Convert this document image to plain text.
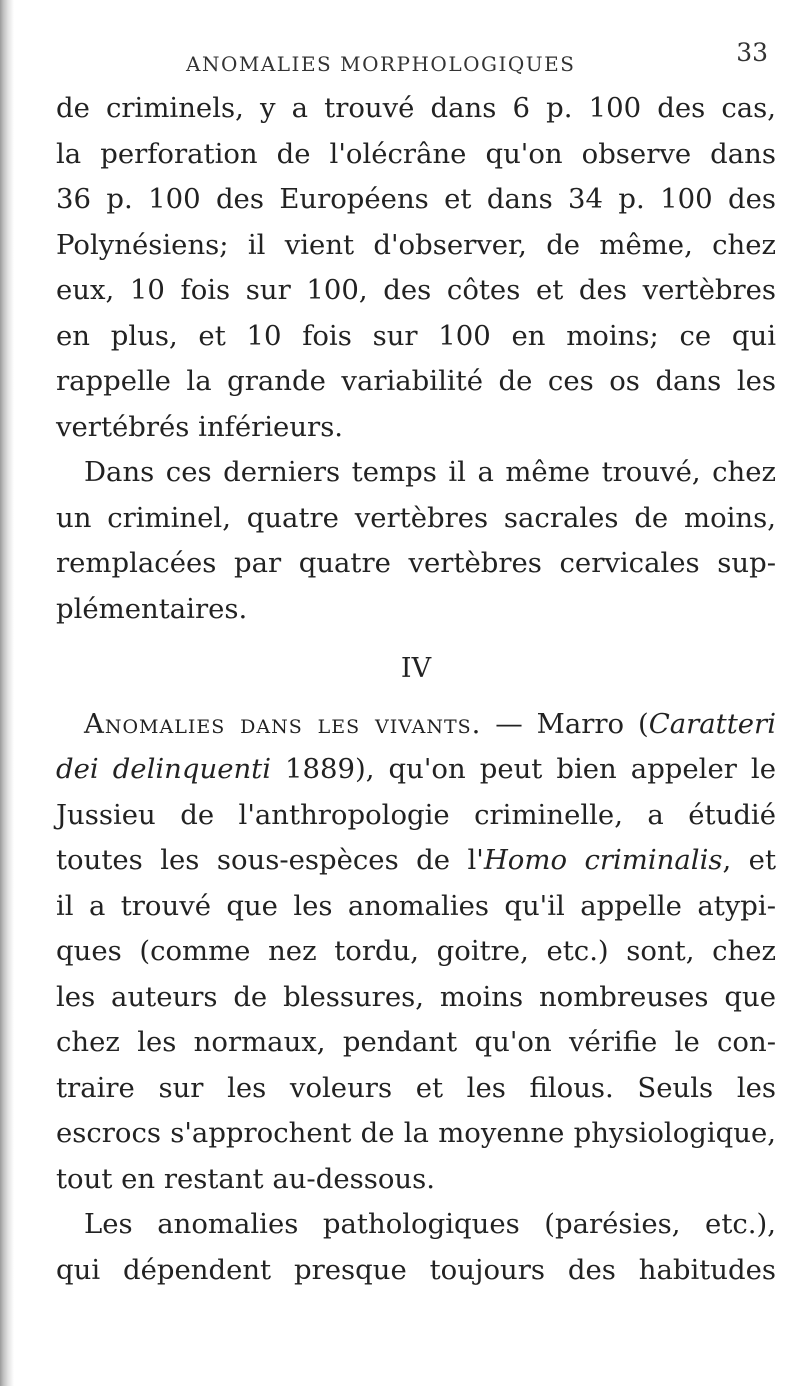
ANOMALIES MORPHOLOGIQUES	33
de criminels, y a trouvé dans 6 p. 100 des cas,
la perforation de l'olécrâne qu'on observe dans
36 p. 100 des Européens et dans 34 p. 100 des
Polynésiens; il vient d'observer, de même, chez
eux, 10 fois sur 100, des côtes et des vertèbres
en plus, et 10 fois sur 100 en moins; ce qui
rappelle la grande variabilité de ces os dans les
vertébrés inférieurs.
Dans ces derniers temps il a même trouvé, chez
un criminel, quatre vertèbres sacrales de moins,
remplacées par quatre vertèbres cervicales sup-
plémentaires.
IV
Anomalies dans les vivants. — Marro (Caratteri
dei delinquenti 1889), qu'on peut bien appeler le
Jussieu de l'anthropologie criminelle, a étudié
toutes les sous-espèces de l'Homo criminalis, et
il a trouvé que les anomalies qu'il appelle atypi-
ques (comme nez tordu, goitre, etc.) sont, chez
les auteurs de blessures, moins nombreuses que
chez les normaux, pendant qu'on vérifie le con-
traire sur les voleurs et les filous. Seuls les
escrocs s'approchent de la moyenne physiologique,
tout en restant au-dessous.
Les anomalies pathologiques (parésies, etc.),
qui dépendent presque toujours des habitudes
